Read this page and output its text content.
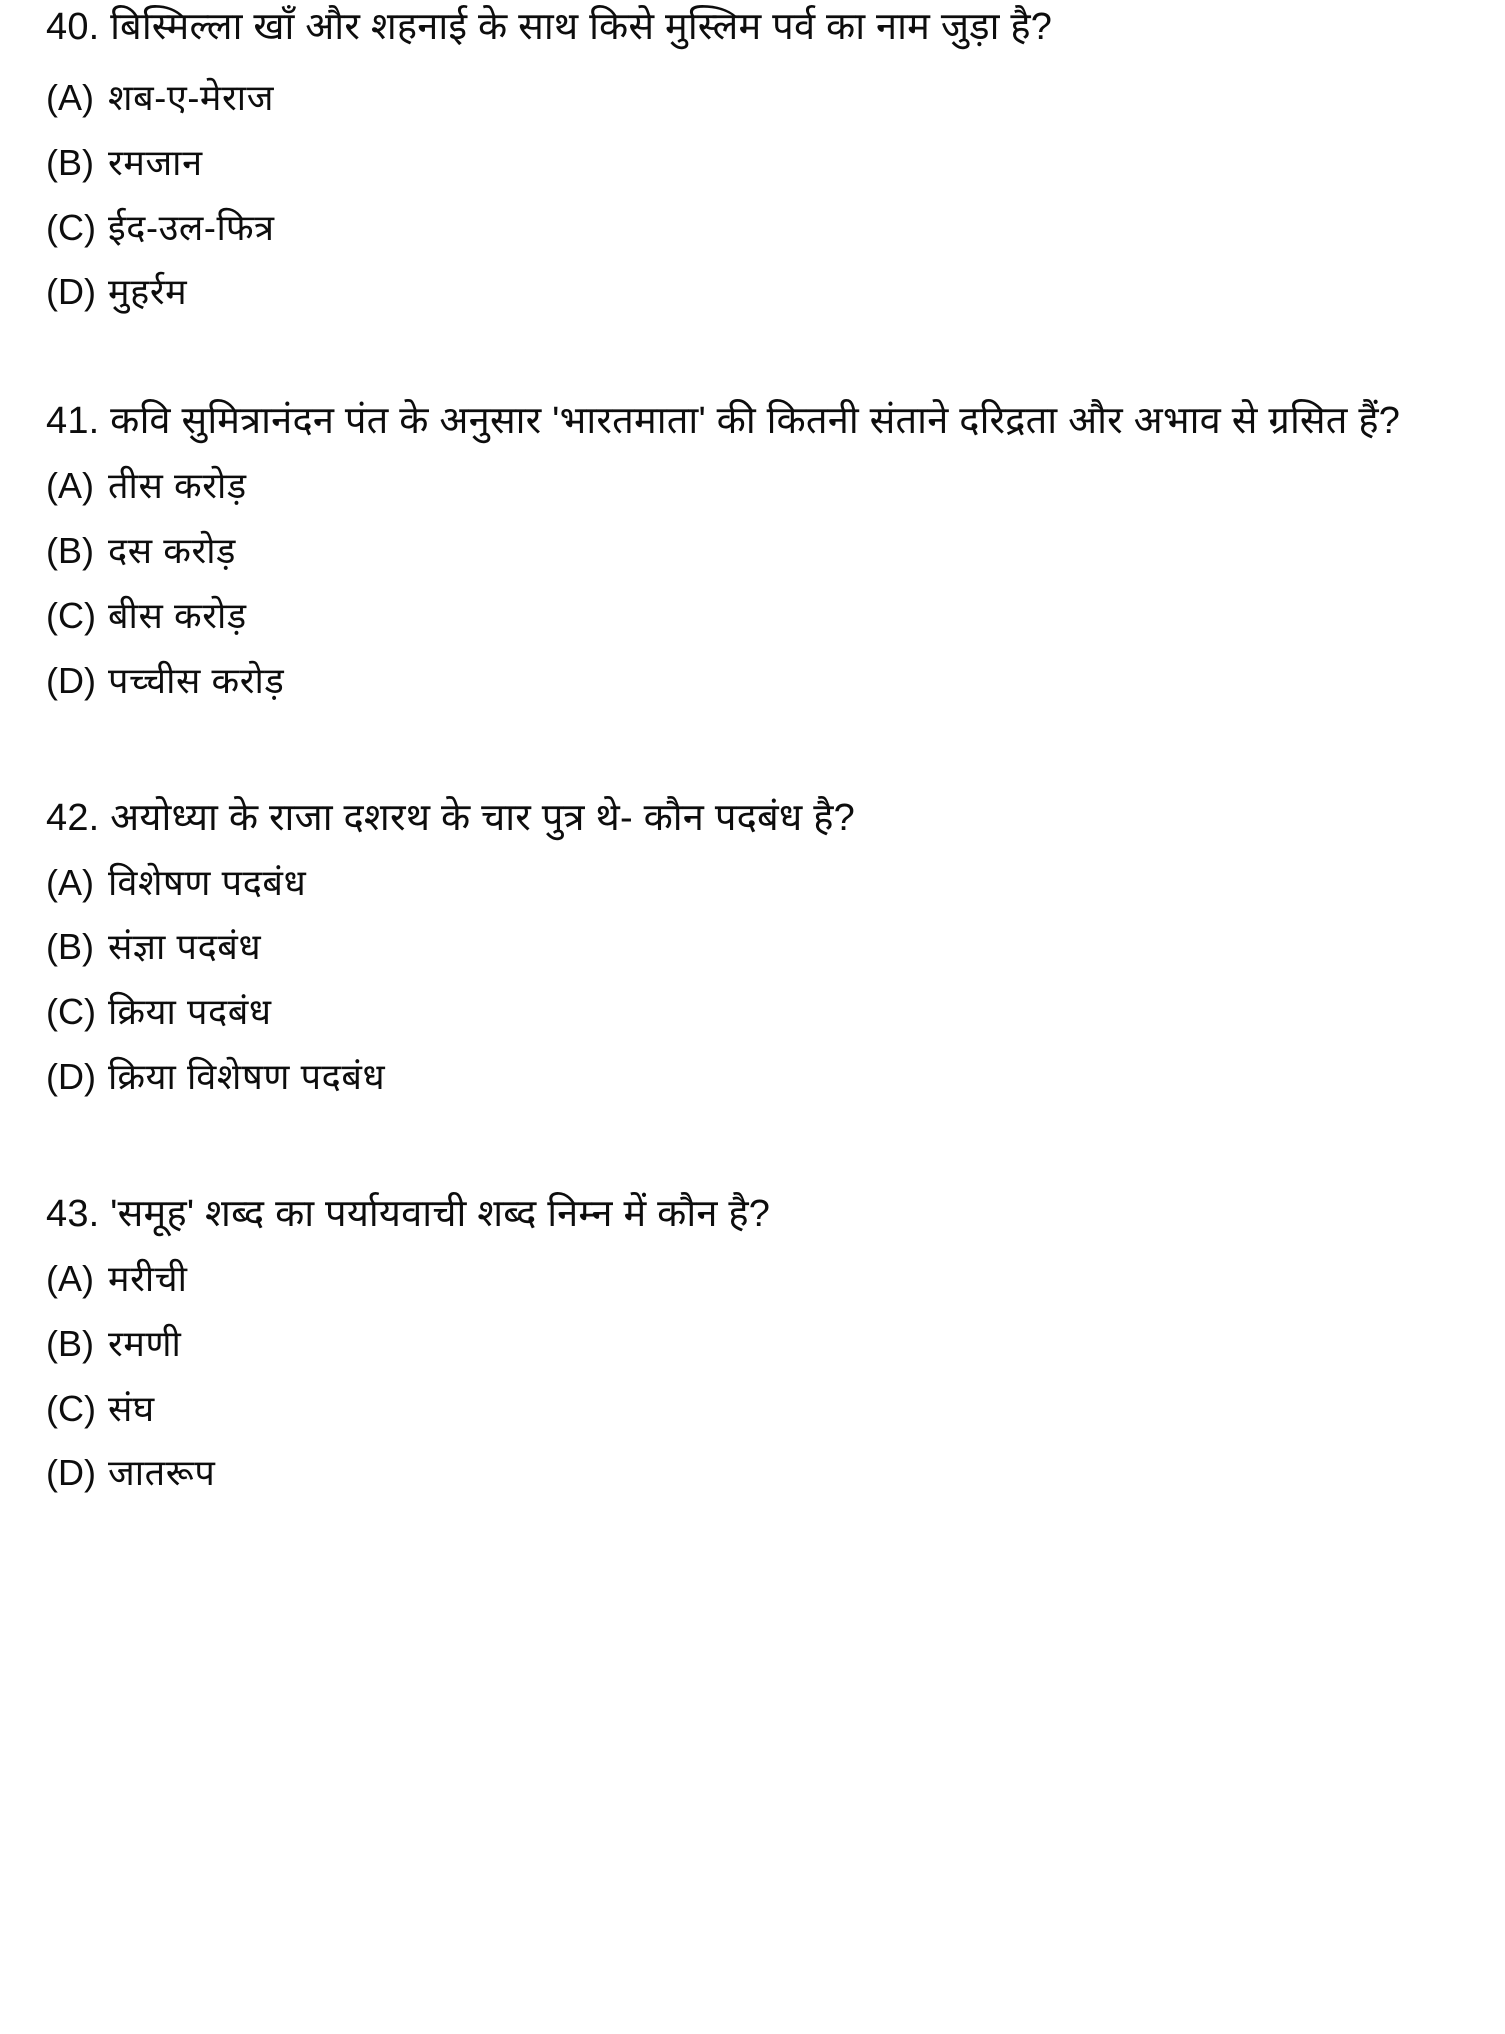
40. बिस्मिल्ला खाँ और शहनाई के साथ किसे मुस्लिम पर्व का नाम जुड़ा है?

(A) शब-ए-मेराज
(B) रमजान
(C) ईद-उल-फित्र
(D) मुहर्रम

41. कवि सुमित्रानंदन पंत के अनुसार 'भारतमाता' की कितनी संताने दरिद्रता और अभाव से ग्रसित हैं?

(A) तीस करोड़
(B) दस करोड़
(C) बीस करोड़
(D) पच्चीस करोड़

42. अयोध्या के राजा दशरथ के चार पुत्र थे- कौन पदबंध है?

(A) विशेषण पदबंध
(B) संज्ञा पदबंध
(C) क्रिया पदबंध
(D) क्रिया विशेषण पदबंध

43. 'समूह' शब्द का पर्यायवाची शब्द निम्न में कौन है?

(A) मरीची
(B) रमणी
(C) संघ
(D) जातरूप
